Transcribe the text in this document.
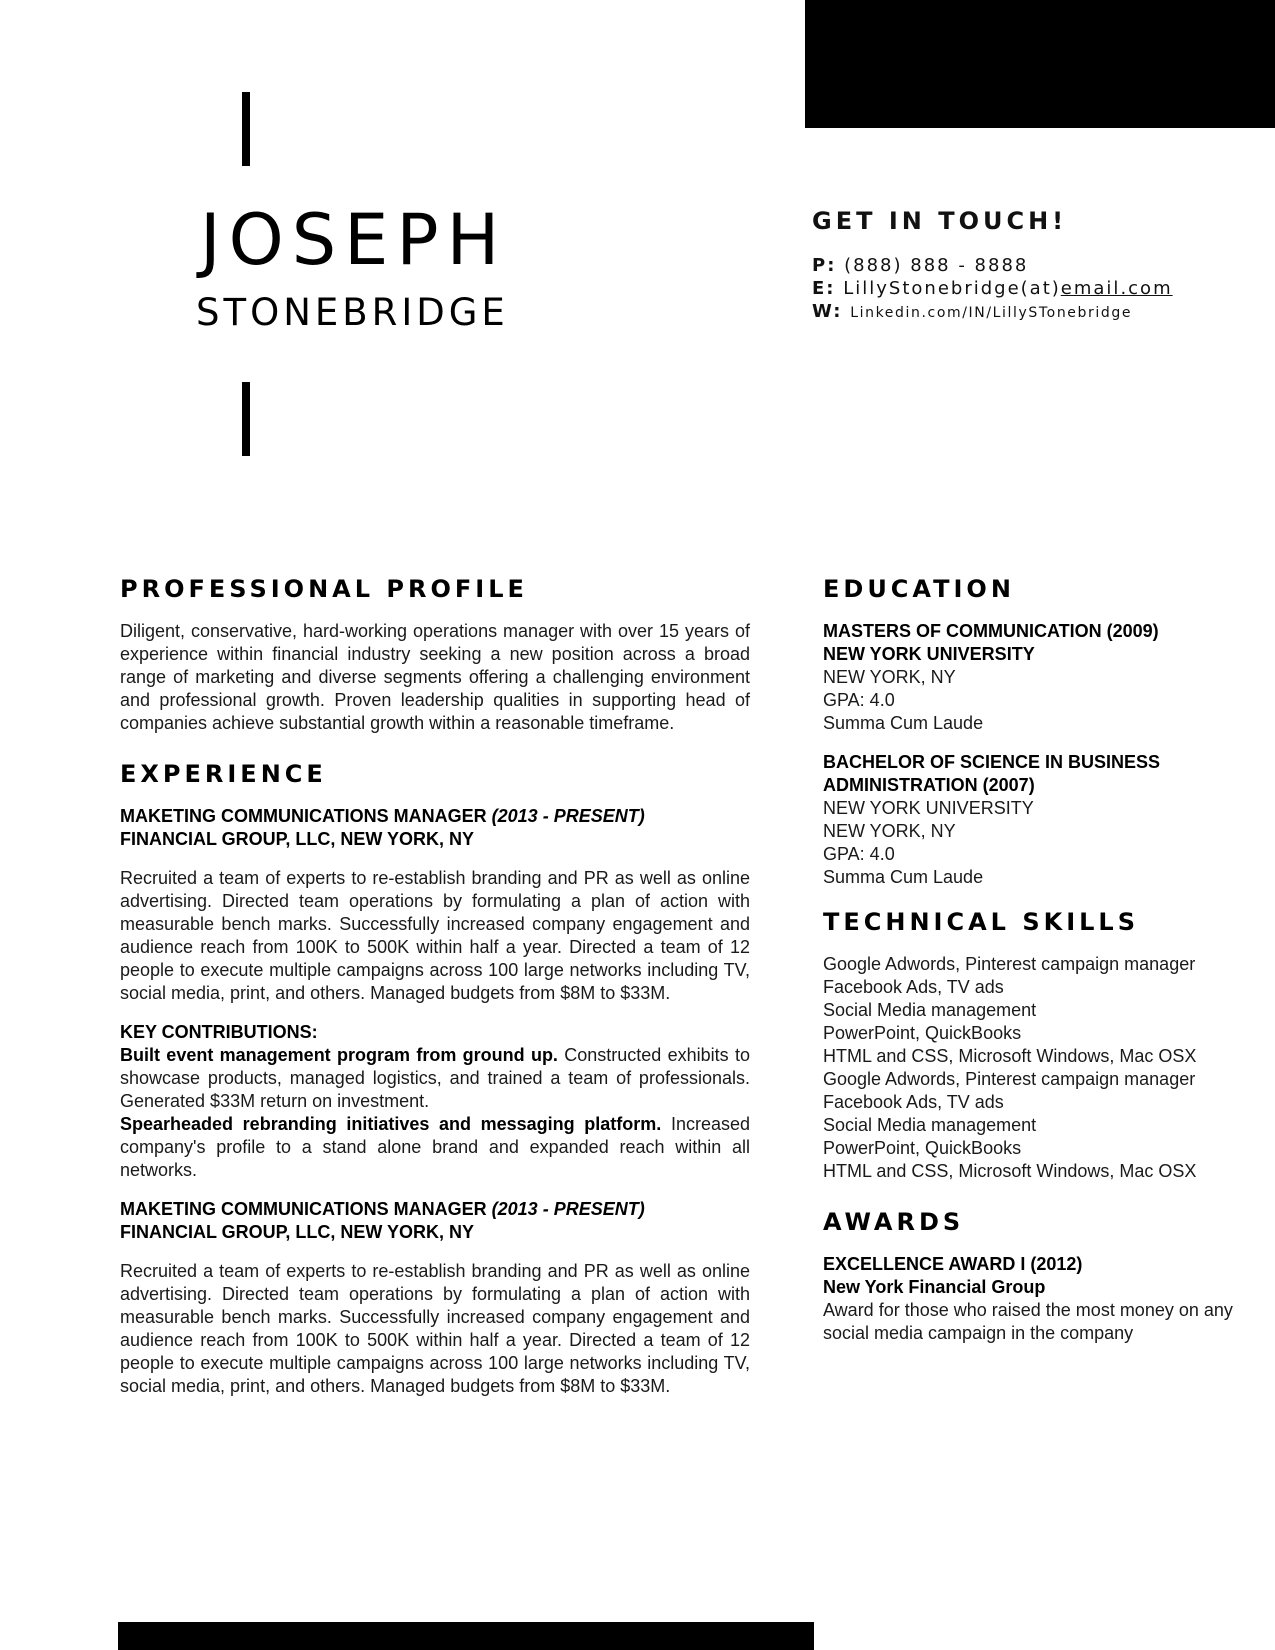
JOSEPH
STONEBRIDGE
GET IN TOUCH!
P: (888) 888 - 8888
E: LillyStonebridge(at)email.com
W: Linkedin.com/IN/LillySTonebridge
PROFESSIONAL PROFILE

Diligent, conservative, hard-working operations manager with over 15 years of experience within financial industry seeking a new position across a broad range of marketing and diverse segments offering a challenging environment and professional growth. Proven leadership qualities in supporting head of companies achieve substantial growth within a reasonable timeframe.

EXPERIENCE
MAKETING COMMUNICATIONS MANAGER (2013 - PRESENT)
FINANCIAL GROUP, LLC, NEW YORK, NY

Recruited a team of experts to re-establish branding and PR as well as online advertising. Directed team operations by formulating a plan of action with measurable bench marks. Successfully increased company engagement and audience reach from 100K to 500K within half a year. Directed a team of 12 people to execute multiple campaigns across 100 large networks including TV, social media, print, and others. Managed budgets from $8M to $33M.

KEY CONTRIBUTIONS:

Built event management program from ground up. Constructed exhibits to showcase products, managed logistics, and trained a team of professionals. Generated $33M return on investment.

Spearheaded rebranding initiatives and messaging platform. Increased company's profile to a stand alone brand and expanded reach within all networks.

MAKETING COMMUNICATIONS MANAGER (2013 - PRESENT)
FINANCIAL GROUP, LLC, NEW YORK, NY

Recruited a team of experts to re-establish branding and PR as well as online advertising. Directed team operations by formulating a plan of action with measurable bench marks. Successfully increased company engagement and audience reach from 100K to 500K within half a year. Directed a team of 12 people to execute multiple campaigns across 100 large networks including TV, social media, print, and others. Managed budgets from $8M to $33M.

EDUCATION
MASTERS OF COMMUNICATION (2009)
NEW YORK UNIVERSITY
NEW YORK, NY
GPA: 4.0
Summa Cum Laude
BACHELOR OF SCIENCE IN BUSINESS
ADMINISTRATION (2007)
NEW YORK UNIVERSITY
NEW YORK, NY
GPA: 4.0
Summa Cum Laude
TECHNICAL SKILLS
Google Adwords, Pinterest campaign manager
Facebook Ads, TV ads
Social Media management
PowerPoint, QuickBooks
HTML and CSS, Microsoft Windows, Mac OSX
Google Adwords, Pinterest campaign manager
Facebook Ads, TV ads
Social Media management
PowerPoint, QuickBooks
HTML and CSS, Microsoft Windows, Mac OSX
AWARDS
EXCELLENCE AWARD I (2012)
New York Financial Group
Award for those who raised the most money on any social media campaign in the company
